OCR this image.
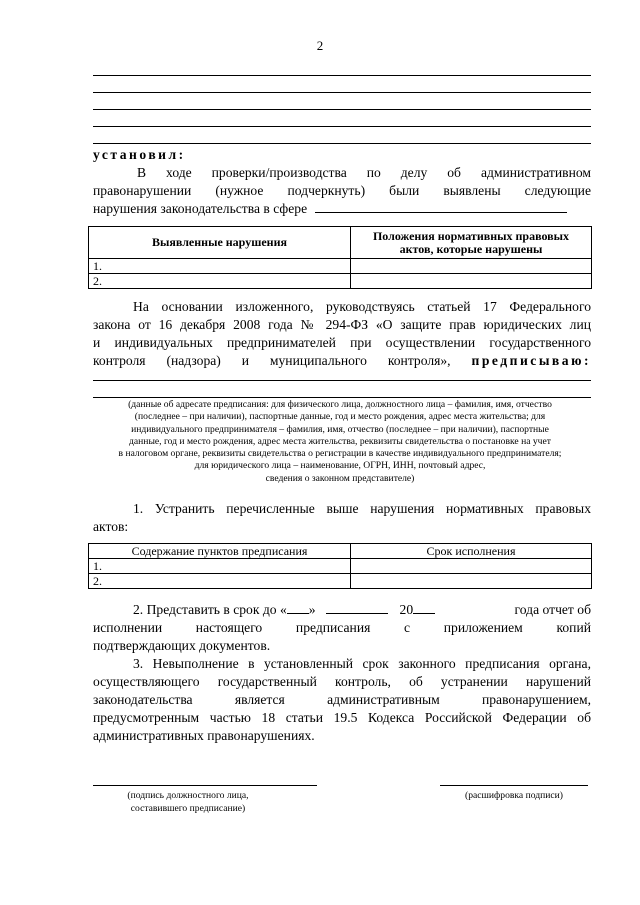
2
установил:
В ходе проверки/производства по делу об административном
правонарушении (нужное подчеркнуть) были выявлены следующие
нарушения законодательства в сфере
Выявленные нарушения	Положения нормативных правовых
актов, которые нарушены

1.	
2.	
На основании изложенного, руководствуясь статьей 17 Федерального
закона от 16 декабря 2008 года № 294-ФЗ «О защите прав юридических лиц
и индивидуальных предпринимателей при осуществлении государственного
контроля (надзора) и муниципального контроля», предписываю:
(данные об адресате предписания: для физического лица, должностного лица – фамилия, имя, отчество
(последнее – при наличии), паспортные данные, год и место рождения, адрес места жительства; для
индивидуального предпринимателя – фамилия, имя, отчество (последнее – при наличии), паспортные
данные, год и место рождения, адрес места жительства, реквизиты свидетельства о постановке на учет
в налоговом органе, реквизиты свидетельства о регистрации в качестве индивидуального предпринимателя;
для юридического лица – наименование, ОГРН, ИНН, почтовый адрес,
сведения о законном представителе)
1. Устранить перечисленные выше нарушения нормативных правовых
актов:
Содержание пунктов предписания	Срок исполнения
1.	
2.	
2. Представить в срок до « »	20	года отчет об
исполнении настоящего предписания с приложением копий
подтверждающих документов.
3. Невыполнение в установленный срок законного предписания органа,
осуществляющего государственный контроль, об устранении нарушений
законодательства является административным правонарушением,
предусмотренным частью 18 статьи 19.5 Кодекса Российской Федерации об
административных правонарушениях.
(подпись должностного лица,
составившего предписание)
(расшифровка подписи)
